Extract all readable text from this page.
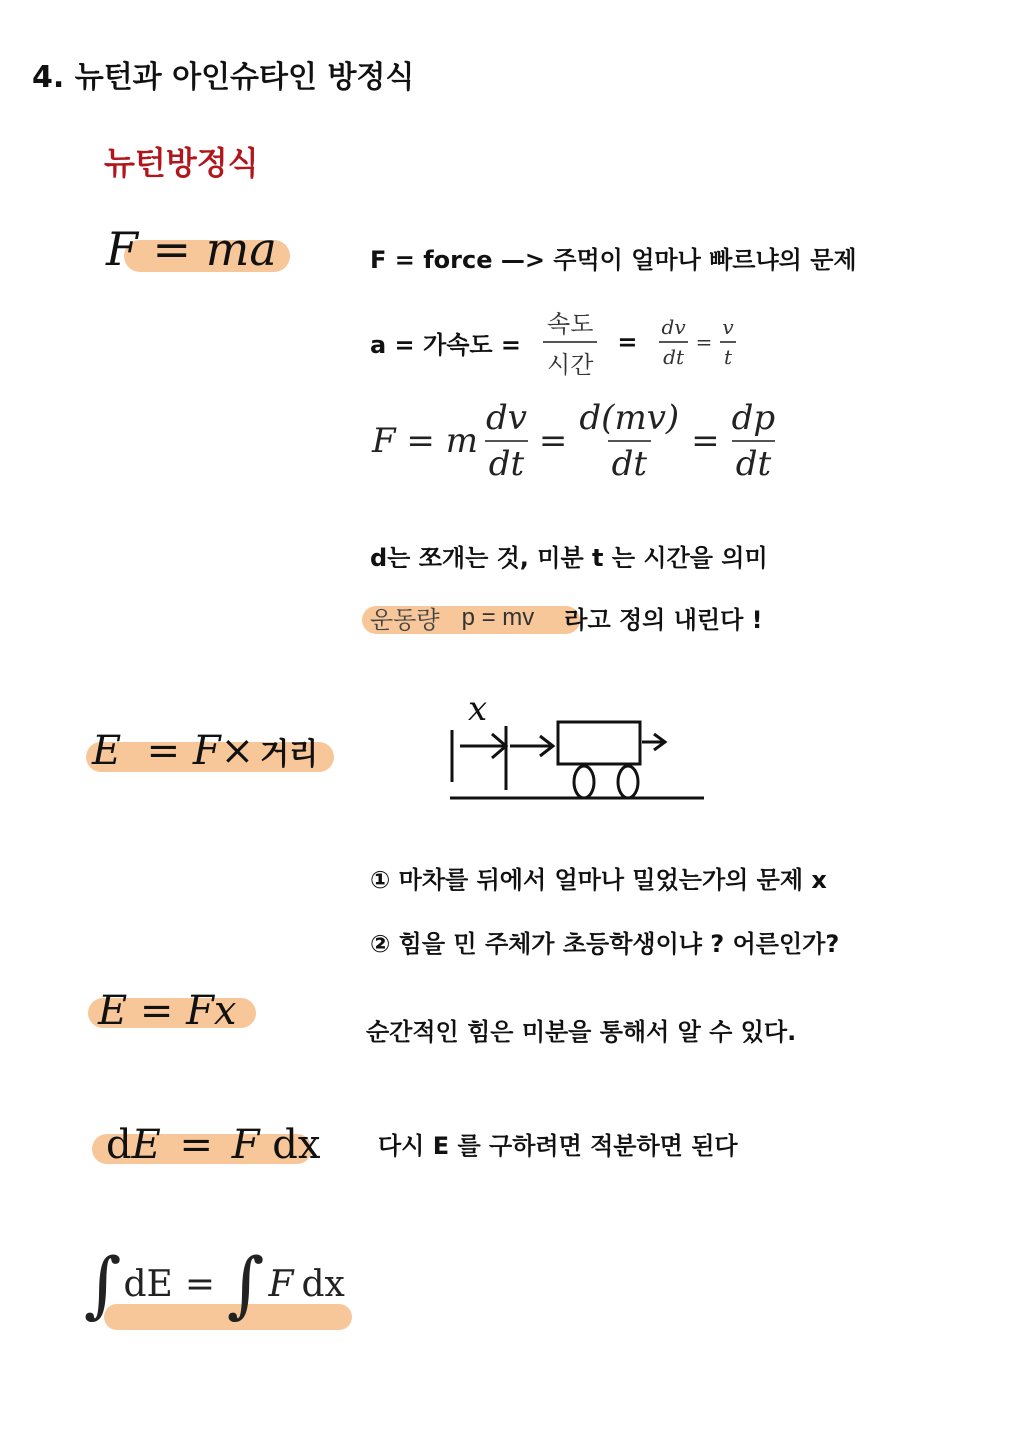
4. 뉴턴과 아인슈타인 방정식
뉴턴방정식
F = ma	F = force —> 주먹이 얼마나 빠르냐의 문제
a = 가속도 = $\frac{\text{속도}}{\text{시간}} = \frac{dv}{dt} = \frac{v}{t}$
F = m $\frac{dv}{dt} = \frac{d(mv)}{dt} = \frac{dp}{dt}$
d는 쪼개는 것, 미분 t 는 시간을 의미
운동량 p = mv 라고 정의 내린다 !
E  = F× 거리
x
① 마차를 뒤에서 얼마나 밀었는가의 문제 x
② 힘을 민 주체가 초등학생이냐 ? 어른인가?
E = Fx	순간적인 힘은 미분을 통해서 알 수 있다.
dE = F dx 다시 E 를 구하려면 적분하면 된다
∫ dE = ∫ F dx
